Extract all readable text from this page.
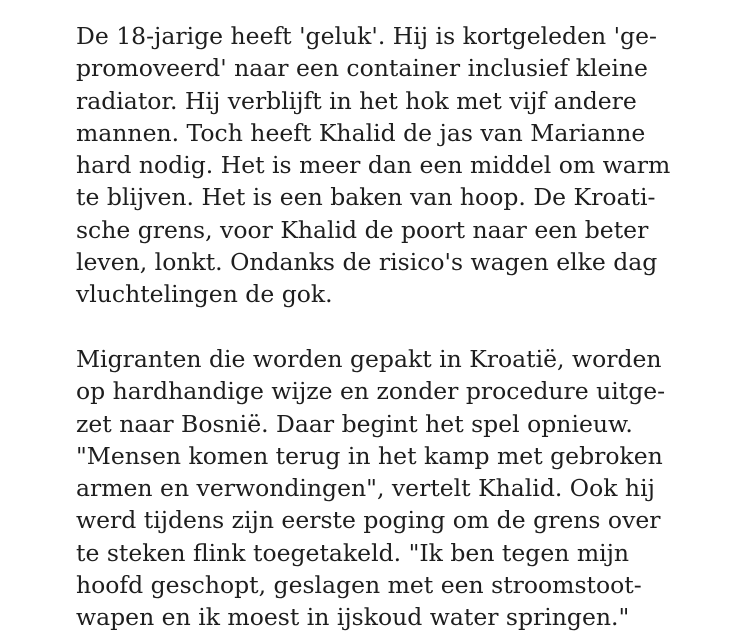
De 18-jarige heeft 'geluk'. Hij is kortgeleden 'ge-
promoveerd' naar een container inclusief kleine
radiator. Hij verblijft in het hok met vijf andere
mannen. Toch heeft Khalid de jas van Marianne
hard nodig. Het is meer dan een middel om warm
te blijven. Het is een baken van hoop. De Kroati-
sche grens, voor Khalid de poort naar een beter
leven, lonkt. Ondanks de risico's wagen elke dag
vluchtelingen de gok.

Migranten die worden gepakt in Kroatië, worden
op hardhandige wijze en zonder procedure uitge-
zet naar Bosnië. Daar begint het spel opnieuw.
"Mensen komen terug in het kamp met gebroken
armen en verwondingen", vertelt Khalid. Ook hij
werd tijdens zijn eerste poging om de grens over
te steken flink toegetakeld. "Ik ben tegen mijn
hoofd geschopt, geslagen met een stroomstoot-
wapen en ik moest in ijskoud water springen."
